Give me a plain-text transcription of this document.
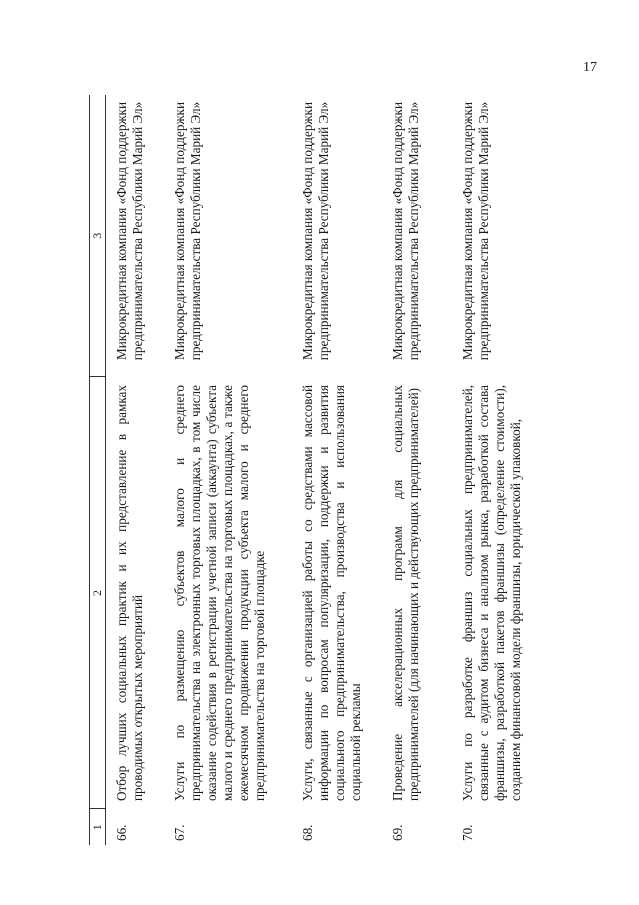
17
1	2	3
66.	Отбор лучших социальных практик и их представление в рамках проводимых открытых мероприятий	Микрокредитная компания «Фонд поддержки предпринимательства Республики Марий Эл»
67.	Услуги по размещению субъектов малого и среднего предпринимательства на электронных торговых площадках, в том числе оказание содействия в регистрации учетной записи (аккаунта) субъекта малого и среднего предпринимательства на торговых площадках, а также ежемесячном продвижении продукции субъекта малого и среднего предпринимательства на торговой площадке	Микрокредитная компания «Фонд поддержки предпринимательства Республики Марий Эл»
68.	Услуги, связанные с организацией работы со средствами массовой информации по вопросам популяризации, поддержки и развития социального предпринимательства, производства и использования социальной рекламы	Микрокредитная компания «Фонд поддержки предпринимательства Республики Марий Эл»
69.	Проведение акселерационных программ для социальных предпринимателей (для начинающих и действующих предпринимателей)	Микрокредитная компания «Фонд поддержки предпринимательства Республики Марий Эл»
70.	Услуги по разработке франшиз социальных предпринимателей, связанные с аудитом бизнеса и анализом рынка, разработкой состава франшизы, разработкой пакетов франшизы (определение стоимости), созданием финансовой модели франшизы, юридической упаковкой,	Микрокредитная компания «Фонд поддержки предпринимательства Республики Марий Эл»
